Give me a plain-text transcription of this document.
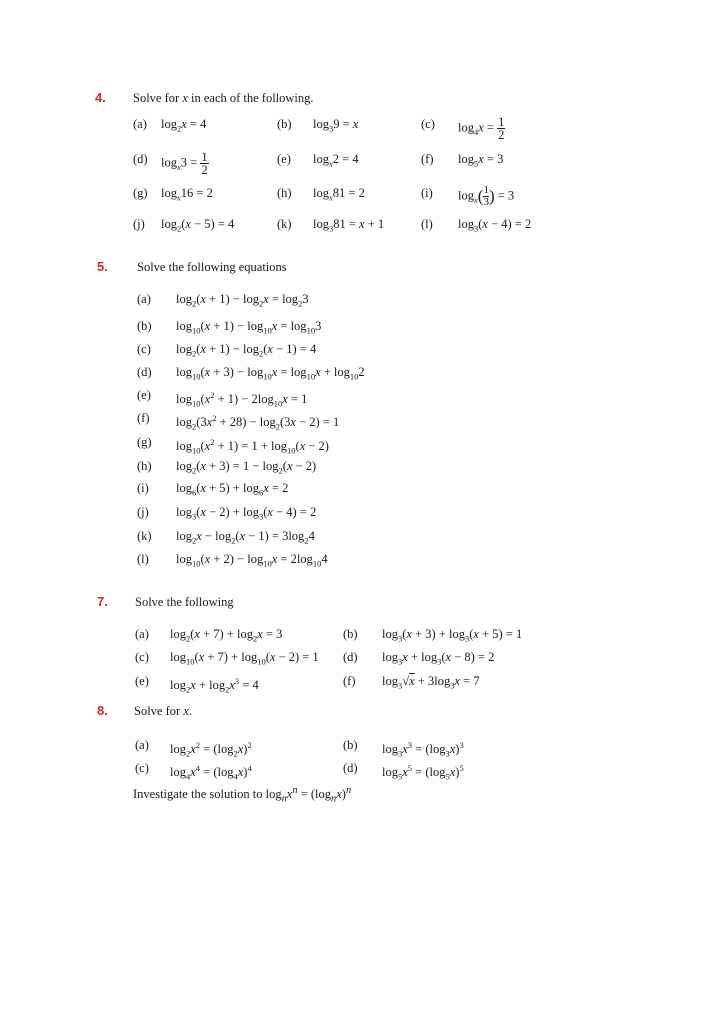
4. Solve for x in each of the following.
5. Solve the following equations
7. Solve the following
8. Solve for x.
(a) $\log_2x = 4$	(b) $\log_39 = x$	(c) $\log_4x = \frac{1}{2}$
(d) $\log_x3 = \frac{1}{2}$	(e) $\log_x2 = 4$	(f) $\log_5x = 3$
(g) $\log_x16 = 2$	(h) $\log_x81 = 2$	(i) $\log_x( \frac{1}{3}$ ) = 3
(j) $\log_2(x - 5) = 4$	(k) $\log_381 = x + 1$	(l) $\log_3(x - 4) = 2$
(a) $\log_2(x + 1) - \log_2x = \log_23$
(b) $\log_{10}(x + 1) - \log_{10}x = \log_{10}3$
(c) $\log_2(x + 1) - \log_2(x - 1) = 4$
(d) $\log_{10}(x + 3) - \log_{10}x = \log_{10}x + \log_{10}2$
(e) $\log_{10}(x^2 + 1) - 2\log_{10}x = 1$
(f) $\log_2(3x^2 + 28) - \log_2(3x - 2) = 1$
(g) $\log_{10}(x^2 + 1) = 1 + \log_{10}(x - 2)$
(h) $\log_2(x + 3) = 1 - \log_2(x - 2)$
(i) $\log_6(x + 5) + \log_6x = 2$
(j) $\log_3(x - 2) + \log_3(x - 4) = 2$
(k) $\log_2x - \log_2(x - 1) = 3\log_24$
(l) $\log_{10}(x + 2) - \log_{10}x = 2\log_{10}4$
(a) $\log_2(x + 7) + \log_2x = 3$	(b) $\log_3(x + 3) + \log_3(x + 5) = 1$
(c) $\log_{10}(x + 7) + \log_{10}(x - 2) = 1$ (d) $\log_3x + \log_3(x - 8) = 2$
(e) $\log_2x + \log_2x^3 = 4$	(f) $\log_3√x + 3\log_3x = 7$
(a) $\log_2x^2 = (\log_2x)^2$	(b) $\log_3x^3 = (\log_3x)^3$
(c) $\log_4x^4 = (\log_4x)^4$	(d) $\log_5x^5 = (\log_5x)^5$
Investigate the solution to $\log_nx^n = (\log_nx)^n$
